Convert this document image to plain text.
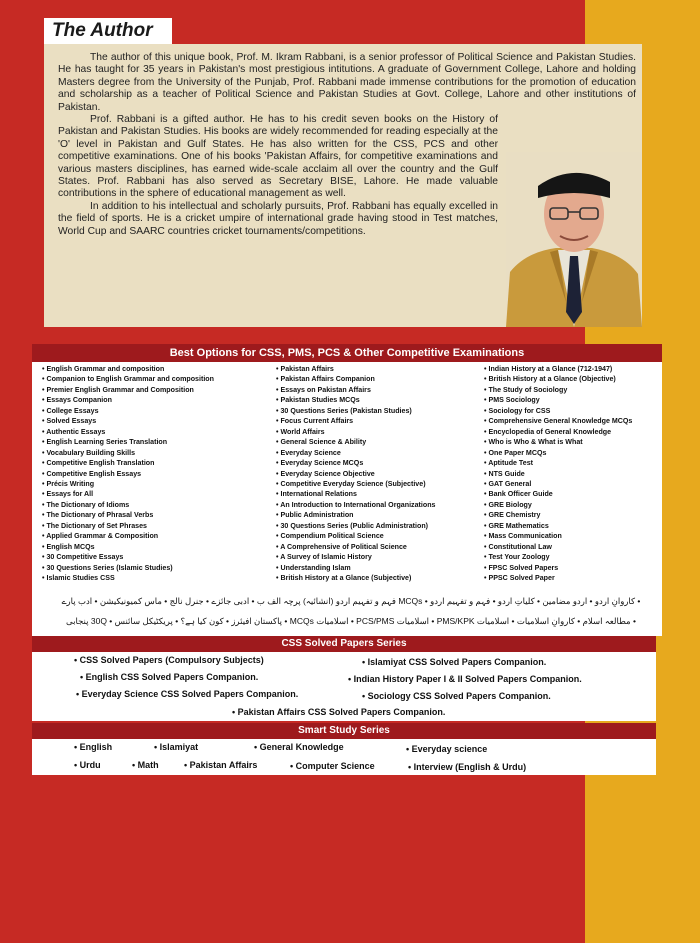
The Author

The author of this unique book, Prof. M. Ikram Rabbani, is a senior professor of Political Science and Pakistan Studies. He has taught for 35 years in Pakistan's most prestigious intitutions. A graduate of Government College, Lahore and holding Masters degree from the University of the Punjab, Prof. Rabbani made immense contributions for the promotion of education and scholarship as a teacher of Political Science and Pakistan Studies at Govt. College, Lahore and other institutions of Pakistan.

Prof. Rabbani is a gifted author. He has to his credit seven books on the History of Pakistan and Pakistan Studies. His books are widely recommended for reading especially at the 'O' level in Pakistan and Gulf States. He has also written for the CSS, PCS and other competitive examinations. One of his books 'Pakistan Affairs, for competitive examinations and various masters disciplines, has earned wide-scale acclaim all over the country and the Gulf States. Prof. Rabbani has also served as Secretary BISE, Lahore. He made valuable contributions in the sphere of educational management as well.

In addition to his intellectual and scholarly pursuits, Prof. Rabbani has equally excelled in the field of sports. He is a cricket umpire of international grade having stood in Test matches, World Cup and SAARC countries cricket tournaments/competitions.

Best Options for CSS, PMS, PCS & Other Competitive Examinations
• English Grammar and composition
• Companion to English Grammar and composition
• Premier English Grammar and Composition
• Essays Companion
• College Essays
• Solved Essays
• Authentic Essays
• English Learning Series Translation
• Vocabulary Building Skills
• Competitive English Translation
• Competitive English Essays
• Précis Writing
• Essays for All
• The Dictionary of Idioms
• The Dictionary of Phrasal Verbs
• The Dictionary of Set Phrases
• Applied Grammar & Composition
• English MCQs
• 30 Competitive Essays
• 30 Questions Series (Islamic Studies)
• Islamic Studies CSS
• Pakistan Affairs
• Pakistan Affairs Companion
• Essays on Pakistan Affairs
• Pakistan Studies MCQs
• 30 Questions Series (Pakistan Studies)
• Focus Current Affairs
• World Affairs
• General Science & Ability
• Everyday Science
• Everyday Science MCQs
• Everyday Science Objective
• Competitive Everyday Science (Subjective)
• International Relations
• An Introduction to International Organizations
• Public Administration
• 30 Questions Series (Public Administration)
• Compendium Political Science
• A Comprehensive of Political Science
• A Survey of Islamic History
• Understanding Islam
• British History at a Glance (Subjective)
• Indian History at a Glance (712-1947)
• British History at a Glance (Objective)
• The Study of Sociology
• PMS Sociology
• Sociology for CSS
• Comprehensive General Knowledge MCQs
• Encyclopedia of General Knowledge
• Who is Who & What is What
• One Paper MCQs
• Aptitude Test
• NTS Guide
• GAT General
• Bank Officer Guide
• GRE Biology
• GRE Chemistry
• GRE Mathematics
• Mass Communication
• Constitutional Law
• Test Your Zoology
• FPSC Solved Papers
• PPSC Solved Paper
• کاروانِ اردو • اردو مضامین • کلیاتِ اردو • فہم و تفہیم اردو • MCQs فہم و تفہیم اردو (انشائیہ) پرچہ الف ب • ادبی جائزے • جنرل نالج • ماس کمیونیکیشن • ادب پارے
• مطالعہ اسلام • کاروانِ اسلامیات • اسلامیات PMS/KPK • اسلامیات PCS/PMS • اسلامیات MCQs • پاکستان افیئرز • کون کیا ہے؟ • پریکٹیکل سائنس • 30Q پنجابی
CSS Solved Papers Series
• CSS Solved Papers (Compulsory Subjects)	• Islamiyat CSS Solved Papers Companion.
• English CSS Solved Papers Companion.	• Indian History Paper I & II Solved Papers Companion.
• Everyday Science CSS Solved Papers Companion.	• Sociology CSS Solved Papers Companion.
• Pakistan Affairs CSS Solved Papers Companion.
Smart Study Series
• English	• Islamiyat	• General Knowledge	• Everyday science
• Urdu	• Math	• Pakistan Affairs	• Computer Science	• Interview (English & Urdu)
